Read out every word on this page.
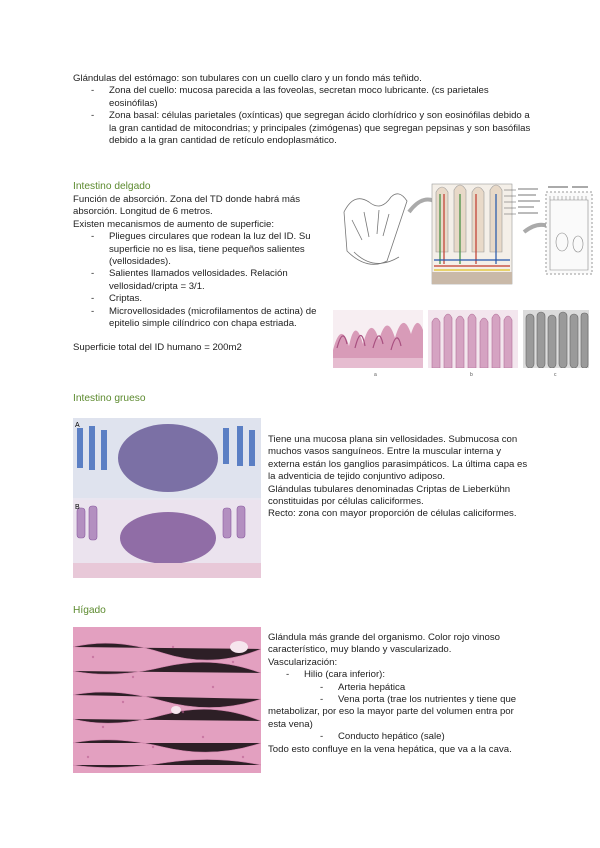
Glándulas del estómago: son tubulares con un cuello claro y un fondo más teñido.

- Zona del cuello: mucosa parecida a las foveolas, secretan moco lubricante. (cs parietales eosinófilas)
- Zona basal: células parietales (oxínticas) que segregan ácido clorhídrico y son eosinófilas debido a la gran cantidad de mitocondrias; y principales (zimógenas) que segregan pepsinas y son basófilas debido a la gran cantidad de retículo endoplasmático.
Intestino delgado

Función de absorción. Zona del TD donde habrá más absorción. Longitud de 6 metros.

Existen mecanismos de aumento de superficie:

- Pliegues circulares que rodean la luz del ID. Su superficie no es lisa, tiene pequeños salientes (vellosidades).
- Salientes llamados vellosidades. Relación vellosidad/cripta = 3/1.
- Criptas.
- Microvellosidades (microfilamentos de actina) de epitelio simple cilíndrico con chapa estriada.

Superficie total del ID humano = 200m2

a	b	c
Intestino grueso
A
B

Tiene una mucosa plana sin vellosidades. Submucosa con muchos vasos sanguíneos. Entre la muscular interna y externa están los ganglios parasimpáticos. La última capa es la adventicia de tejido conjuntivo adiposo.

Glándulas tubulares denominadas Criptas de Lieberkühn constituidas por células caliciformes.

Recto: zona con mayor proporción de células caliciformes.

Hígado

Glándula más grande del organismo. Color rojo vinoso característico, muy blando y vascularizado.

Vascularización:

- Hilio (cara inferior):
- Arteria hepática
-	Vena porta (trae los nutrientes y tiene que metabolizar, por eso la mayor parte del volumen entra por esta vena)
- Conducto hepático (sale)

Todo esto confluye en la vena hepática, que va a la cava.
